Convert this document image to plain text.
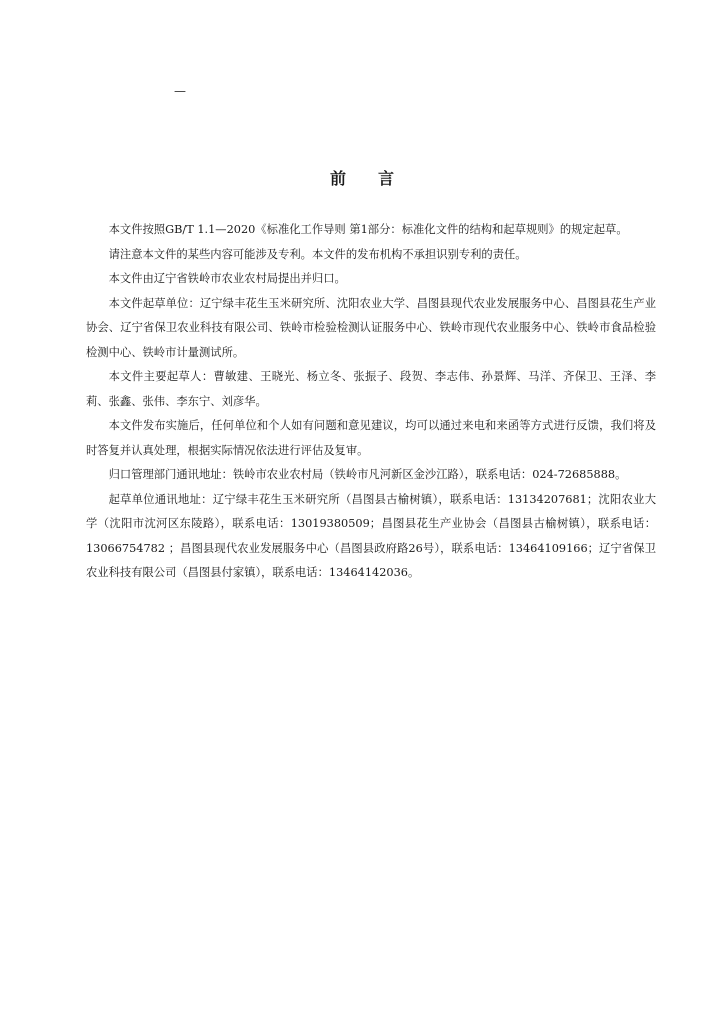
—
前 言

本文件按照GB/T 1.1—2020《标准化工作导则 第1部分：标准化文件的结构和起草规则》的规定起草。

请注意本文件的某些内容可能涉及专利。本文件的发布机构不承担识别专利的责任。

本文件由辽宁省铁岭市农业农村局提出并归口。

本文件起草单位：辽宁绿丰花生玉米研究所、沈阳农业大学、昌图县现代农业发展服务中心、昌图县花生产业协会、辽宁省保卫农业科技有限公司、铁岭市检验检测认证服务中心、铁岭市现代农业服务中心、铁岭市食品检验检测中心、铁岭市计量测试所。

本文件主要起草人：曹敏建、王晓光、杨立冬、张振子、段贺、李志伟、孙景辉、马洋、齐保卫、王泽、李莉、张鑫、张伟、李东宁、刘彦华。

本文件发布实施后，任何单位和个人如有问题和意见建议，均可以通过来电和来函等方式进行反馈，我们将及时答复并认真处理，根据实际情况依法进行评估及复审。

归口管理部门通讯地址：铁岭市农业农村局（铁岭市凡河新区金沙江路），联系电话：024-72685888。

起草单位通讯地址：辽宁绿丰花生玉米研究所（昌图县古榆树镇），联系电话：13134207681；沈阳农业大学（沈阳市沈河区东陵路），联系电话：13019380509；昌图县花生产业协会（昌图县古榆树镇），联系电话：13066754782 ；昌图县现代农业发展服务中心（昌图县政府路26号），联系电话：13464109166；辽宁省保卫农业科技有限公司（昌图县付家镇），联系电话：13464142036。
